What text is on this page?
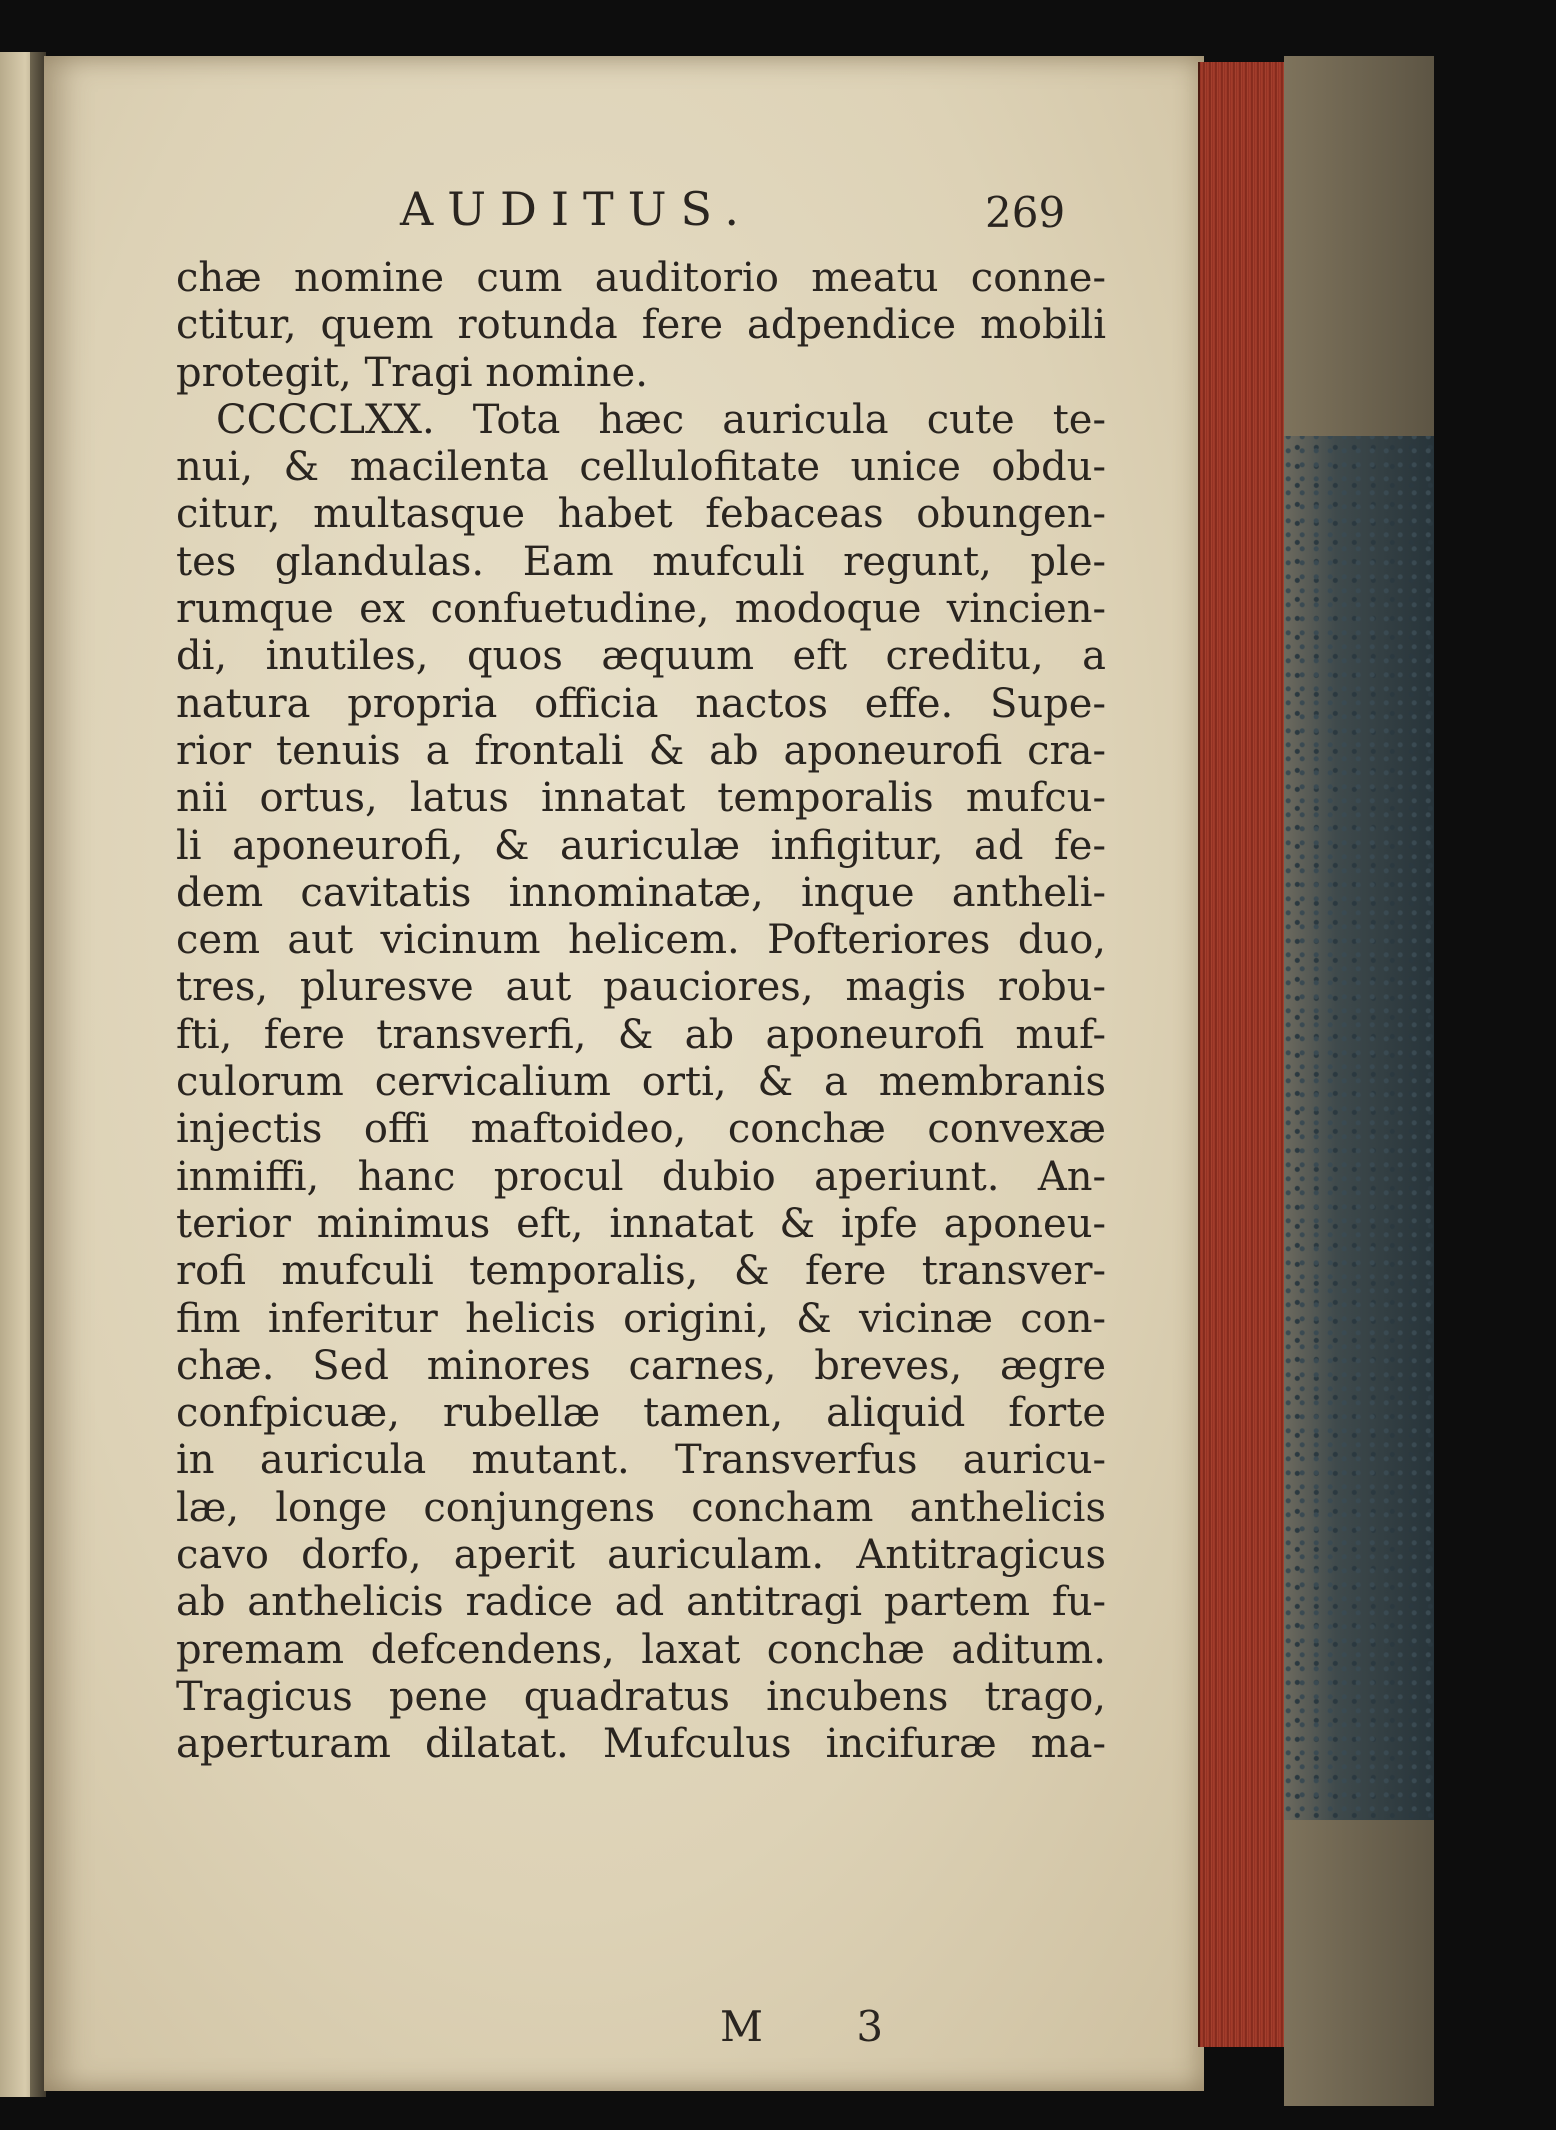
AUDITUS.	269
chæ nomine cum auditorio meatu conne-
ctitur, quem rotunda fere adpendice mobili
protegit, Tragi nomine.
CCCCLXX. Tota hæc auricula cute te-
nui, & macilenta cellulofitate unice obdu-
citur, multasque habet febaceas obungen-
tes glandulas. Eam mufculi regunt, ple-
rumque ex confuetudine, modoque vincien-
di, inutiles, quos æquum eft creditu, a
natura propria officia nactos effe. Supe-
rior tenuis a frontali & ab aponeurofi cra-
nii ortus, latus innatat temporalis mufcu-
li aponeurofi, & auriculæ infigitur, ad fe-
dem cavitatis innominatæ, inque antheli-
cem aut vicinum helicem. Pofteriores duo,
tres, pluresve aut pauciores, magis robu-
fti, fere transverfi, & ab aponeurofi muf-
culorum cervicalium orti, & a membranis
injectis offi maftoideo, conchæ convexæ
inmiffi, hanc procul dubio aperiunt. An-
terior minimus eft, innatat & ipfe aponeu-
rofi mufculi temporalis, & fere transver-
fim inferitur helicis origini, & vicinæ con-
chæ. Sed minores carnes, breves, ægre
confpicuæ, rubellæ tamen, aliquid forte
in auricula mutant. Transverfus auricu-
læ, longe conjungens concham anthelicis
cavo dorfo, aperit auriculam. Antitragicus
ab anthelicis radice ad antitragi partem fu-
premam defcendens, laxat conchæ aditum.
Tragicus pene quadratus incubens trago,
aperturam dilatat. Mufculus incifuræ ma-
M 3
